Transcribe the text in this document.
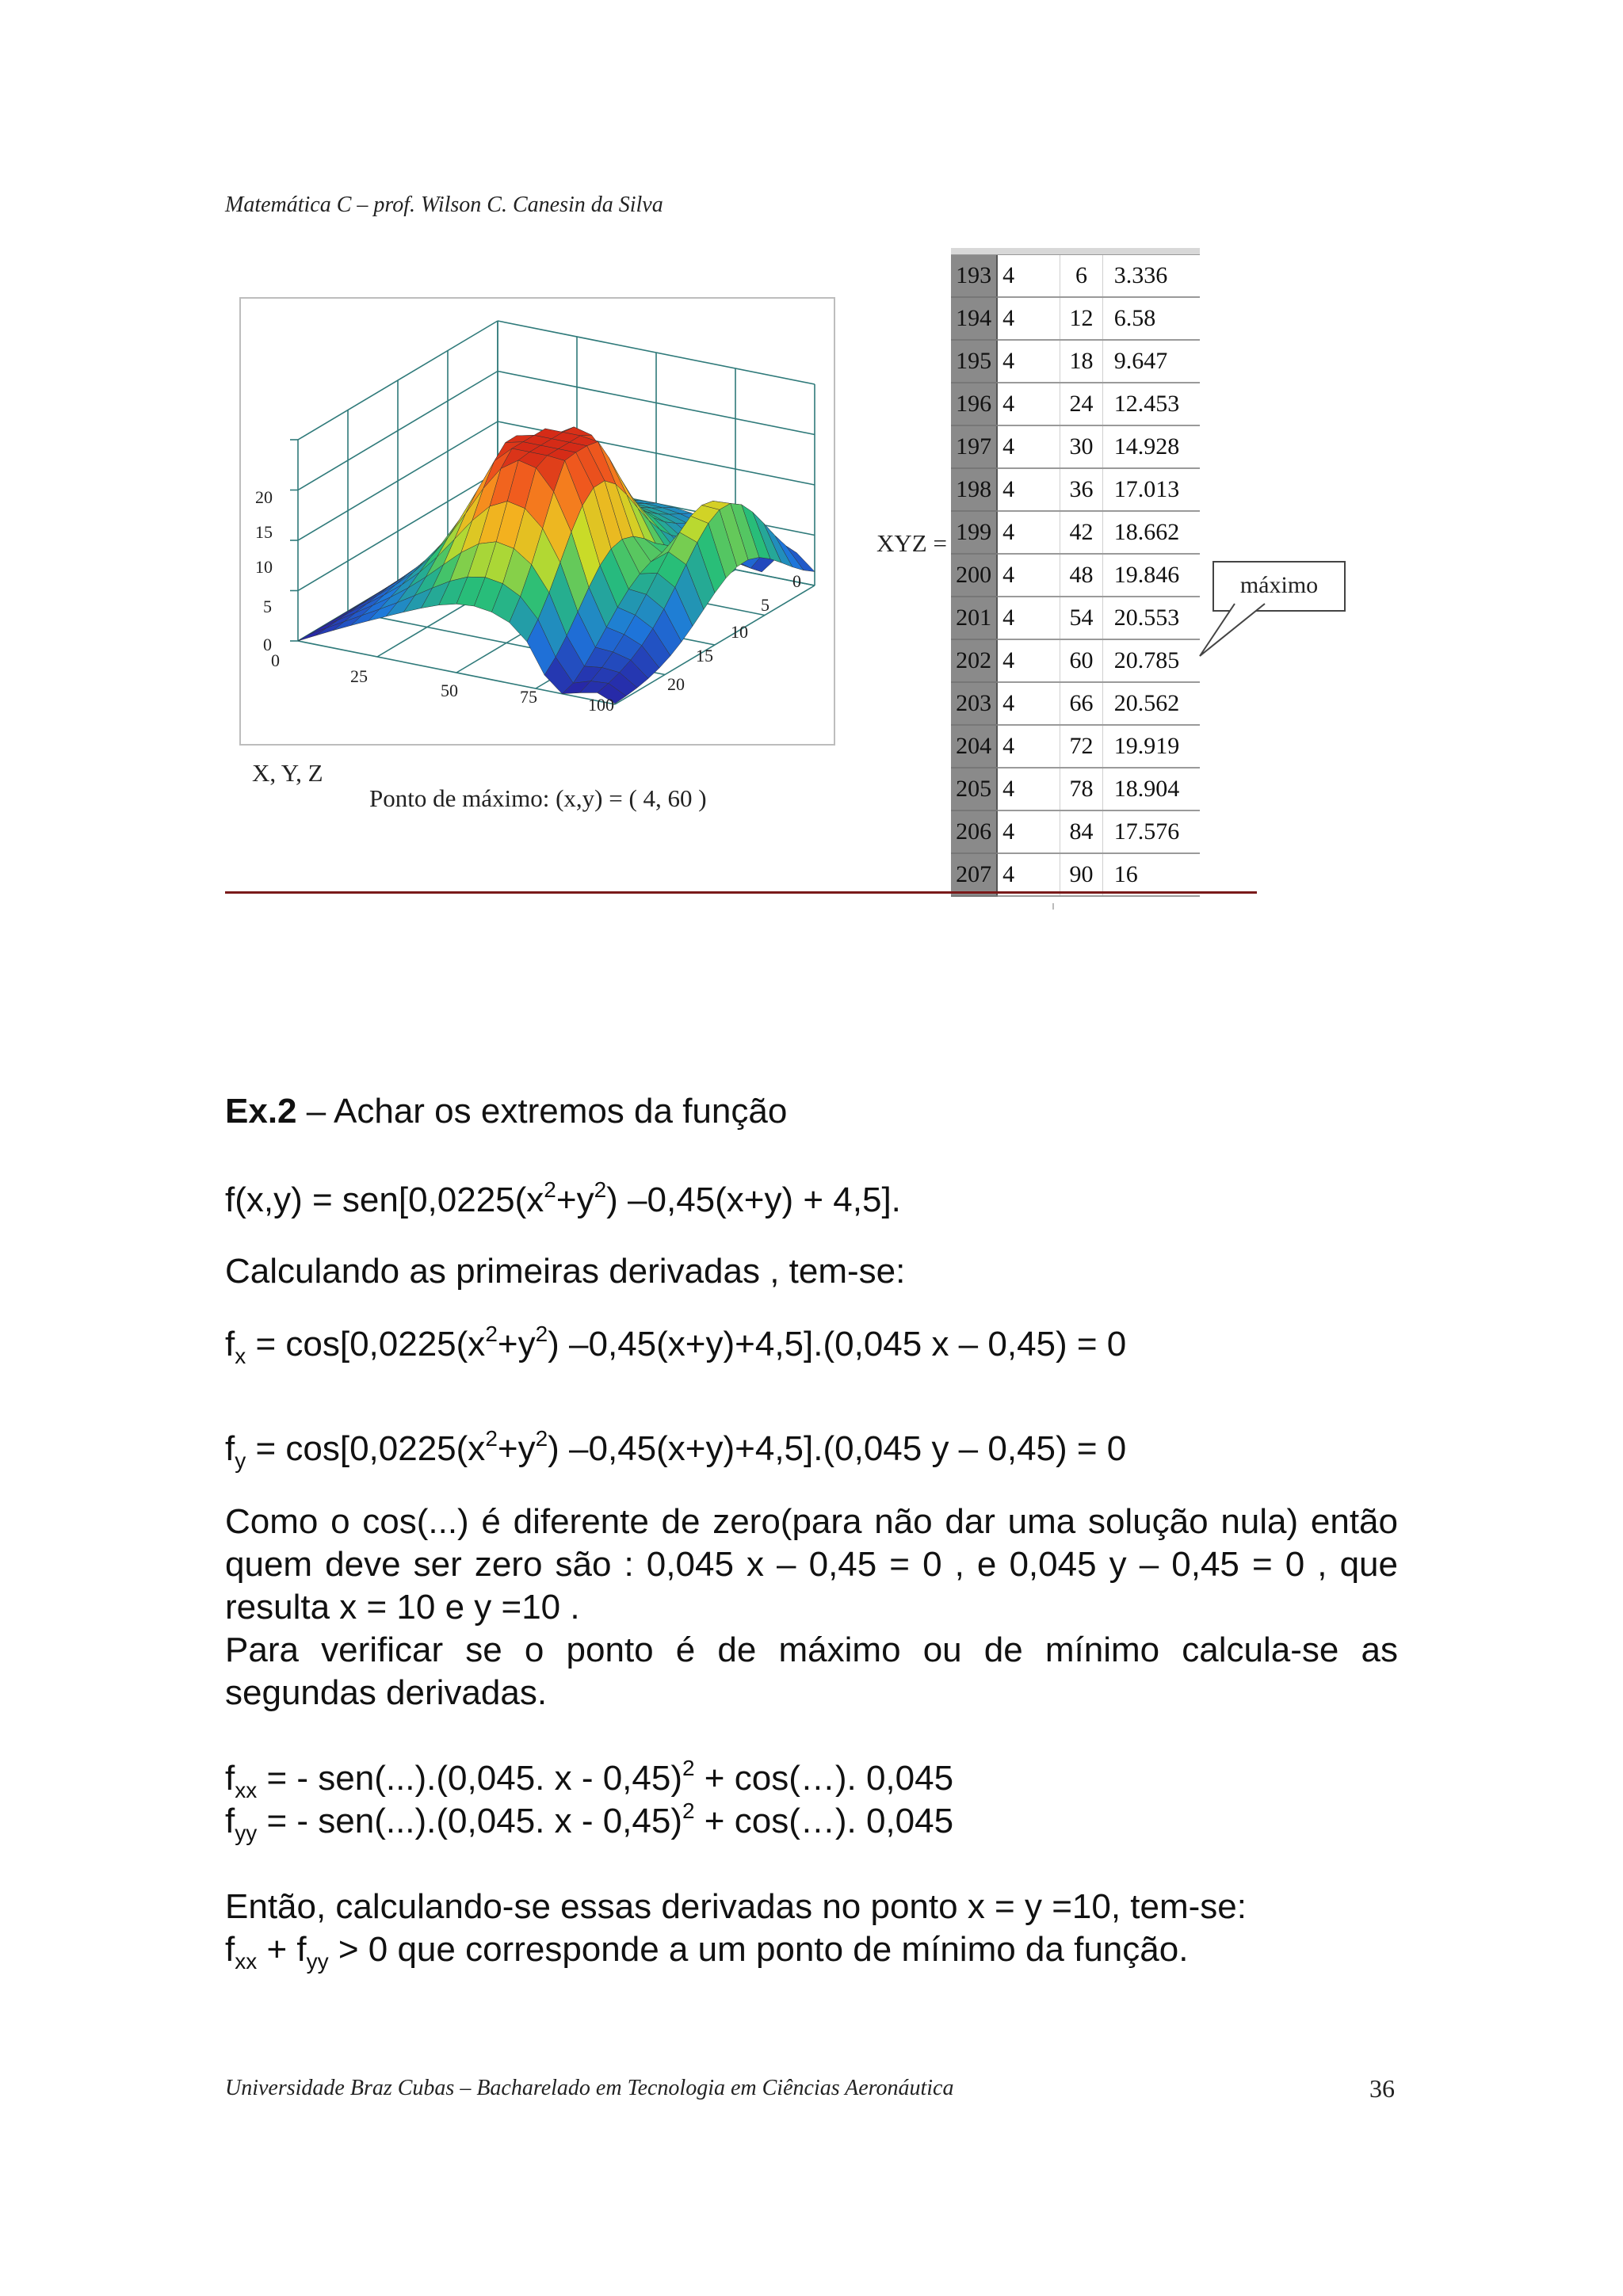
Matemática C – prof. Wilson C. Canesin da Silva
20
15
10
5
0
0
25
50	75	100
20
15
10
5
0
X, Y, Z
Ponto de máximo: (x,y) = ( 4, 60 )
XYZ =
193	4	6	3.336
194	4	12	6.58
195	4	18	9.647
196	4	24	12.453
197	4	30	14.928
198	4	36	17.013
199	4	42	18.662
200	4	48	19.846
201	4	54	20.553
202	4	60	20.785
203	4	66	20.562
204	4	72	19.919
205	4	78	18.904
206	4	84	17.576
207	4	90	16
máximo
Ex.2 – Achar os extremos da função
$f(x,y) = sen[0,0225(x^2+y^2) -0,45(x+y) + 4,5]$.
Calculando as primeiras derivadas , tem-se:
$f_x = \cos[0,0225(x^2+y^2)$ –0,45(x+y)+4,5].(0,045 x – 0,45) = 0
$f_y = \cos[0,0225(x^2+y^2)$ –0,45(x+y)+4,5].(0,045 y – 0,45) = 0
Como o cos(...) é diferente de zero(para não dar uma solução nula) então quem deve ser zero são : 0,045 x – 0,45 = 0 , e 0,045 y – 0,45 = 0 , que resulta x = 10 e y =10 .
Para verificar se o ponto é de máximo ou de mínimo calcula-se as segundas derivadas.
$f_{xx}$ = - sen(...).(0,045. x - 0,45)$^2$ + cos(…). 0,045
$f_{yy}$ = - sen(...).(0,045. x - 0,45)$^2$ + cos(…). 0,045
Então, calculando-se essas derivadas no ponto x = y =10, tem-se:
$f_{xx} + f_{yy} > 0$ que corresponde a um ponto de mínimo da função.
Universidade Braz Cubas – Bacharelado em Tecnologia em Ciências Aeronáutica	36
